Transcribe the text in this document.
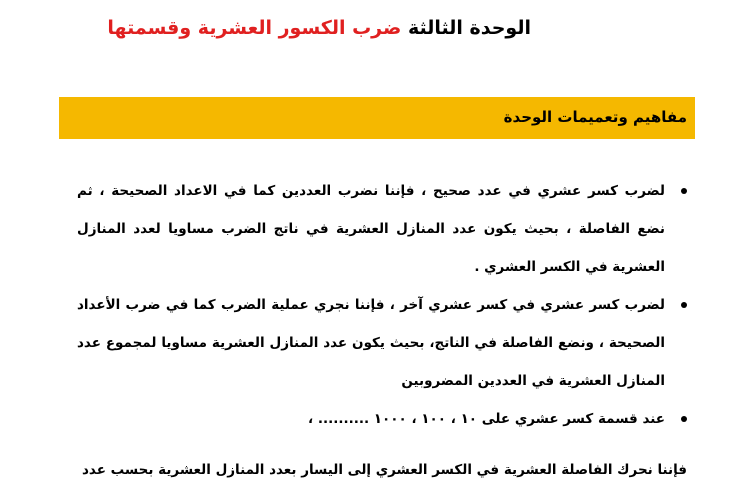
الوحدة الثالثة ضرب الكسور العشرية وقسمتها
مفاهيم وتعميمات الوحدة
لضرب كسر عشري في عدد صحيح ، فإننا نضرب العددين كما في الاعداد الصحيحة ، ثم نضع الفاصلة ، بحيث يكون عدد المنازل العشرية في ناتج الضرب مساويا لعدد المنازل العشرية في الكسر العشري .
لضرب كسر عشري في كسر عشري آخر ، فإننا نجري عملية الضرب كما في ضرب الأعداد الصحيحة ، ونضع الفاصلة في الناتج، بحيث يكون عدد المنازل العشرية مساويا لمجموع عدد المنازل العشرية في العددين المضروبين
عند قسمة كسر عشري على ١٠ ، ١٠٠ ، ١٠٠٠ .......... ،
فإننا نحرك الفاصلة العشرية في الكسر العشري إلى اليسار بعدد المنازل العشرية بحسب عدد
